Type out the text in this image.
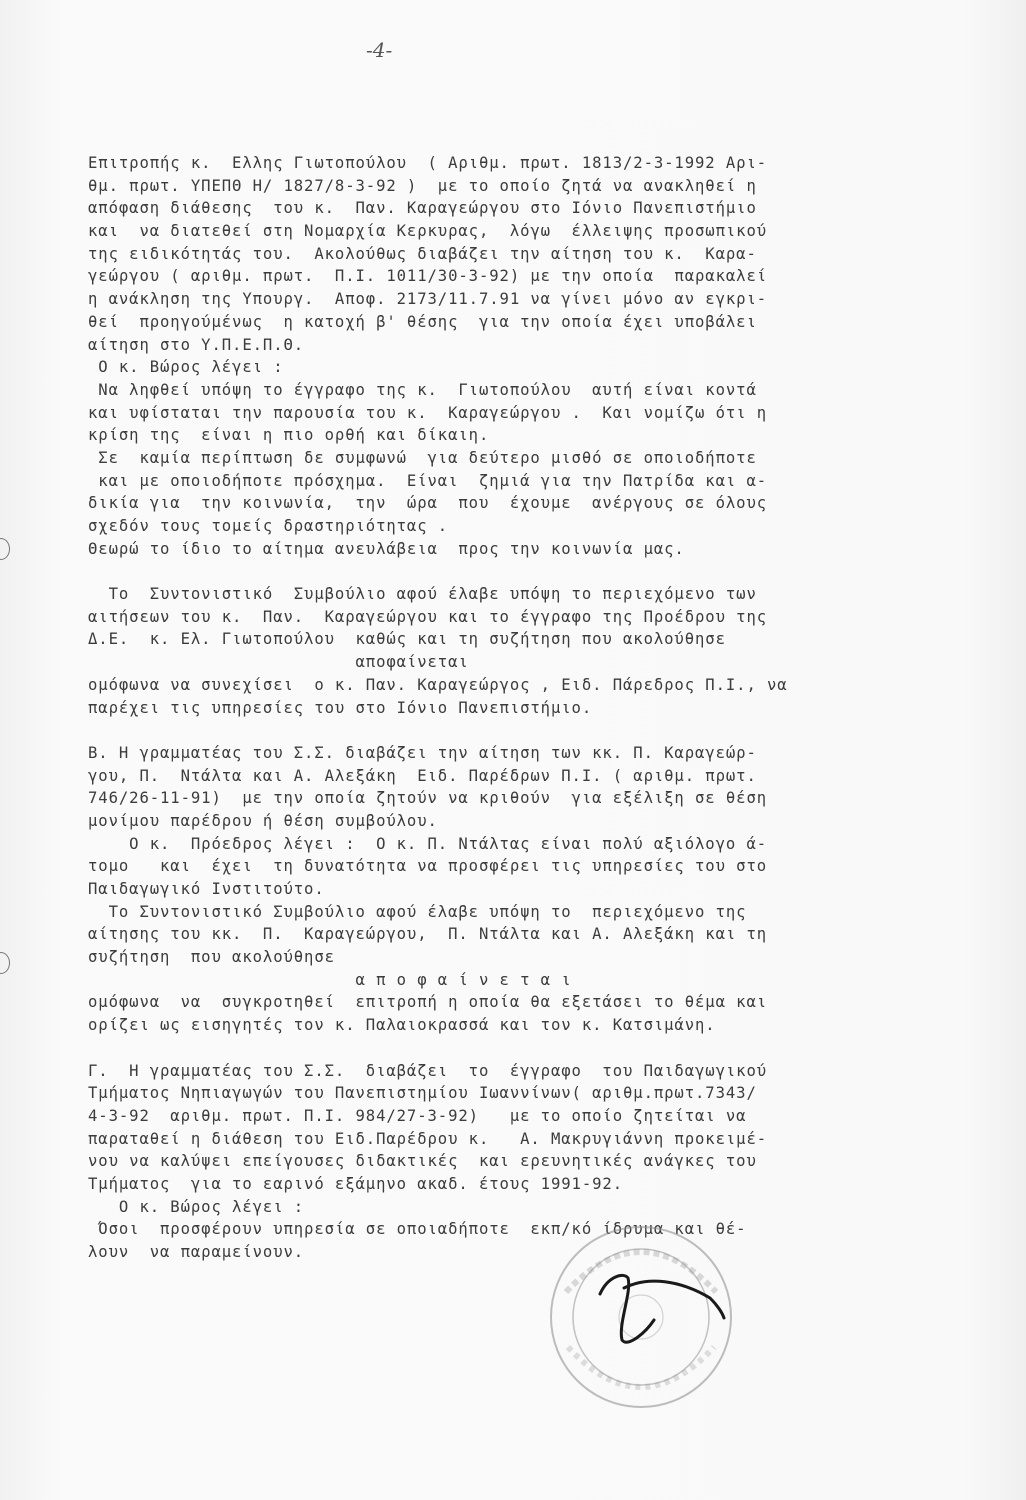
-4-
Επιτροπής κ.  Ελλης Γιωτοπούλου  ( Αριθμ. πρωτ. 1813/2-3-1992 Αρι-
θμ. πρωτ. ΥΠΕΠΘ Η/ 1827/8-3-92 )  με το οποίο ζητά να ανακληθεί η
απόφαση διάθεσης  του κ.  Παν. Καραγεώργου στο Ιόνιο Πανεπιστήμιο
και  να διατεθεί στη Νομαρχία Κερκυρας,  λόγω  έλλειψης προσωπικού
της ειδικότητάς του.  Ακολούθως διαβάζει την αίτηση του κ.  Καρα-
γεώργου ( αριθμ. πρωτ.  Π.Ι. 1011/30-3-92) με την οποία  παρακαλεί
η ανάκληση της Υπουργ.  Αποφ. 2173/11.7.91 να γίνει μόνο αν εγκρι-
θεί  προηγούμένως  η κατοχή β' θέσης  για την οποία έχει υποβάλει
αίτηση στο Υ.Π.Ε.Π.Θ.
Ο κ. Βώρος λέγει :
Να ληφθεί υπόψη το έγγραφο της κ.  Γιωτοπούλου  αυτή είναι κοντά
και υφίσταται την παρουσία του κ.  Καραγεώργου .  Και νομίζω ότι η
κρίση της  είναι η πιο ορθή και δίκαιη.
Σε  καμία περίπτωση δε συμφωνώ  για δεύτερο μισθό σε οποιοδήποτε
και με οποιοδήποτε πρόσχημα.  Είναι  ζημιά για την Πατρίδα και α-
δικία για  την κοινωνία,  την  ώρα  που  έχουμε  ανέργους σε όλους
σχεδόν τους τομείς δραστηριότητας .
Θεωρώ το ίδιο το αίτημα ανευλάβεια  προς την κοινωνία μας.
Το  Συντονιστικό  Συμβούλιο αφού έλαβε υπόψη το περιεχόμενο των
αιτήσεων του κ.  Παν.  Καραγεώργου και το έγγραφο της Προέδρου της
Δ.Ε.  κ. Ελ. Γιωτοπούλου  καθώς και τη συζήτηση που ακολούθησε
αποφαίνεται
ομόφωνα να συνεχίσει  ο κ. Παν. Καραγεώργος , Ειδ. Πάρεδρος Π.Ι., να
παρέχει τις υπηρεσίες του στο Ιόνιο Πανεπιστήμιο.
Β. Η γραμματέας του Σ.Σ. διαβάζει την αίτηση των κκ. Π. Καραγεώρ-
γου, Π.  Ντάλτα και Α. Αλεξάκη  Ειδ. Παρέδρων Π.Ι. ( αριθμ. πρωτ.
746/26-11-91)  με την οποία ζητούν να κριθούν  για εξέλιξη σε θέση
μονίμου παρέδρου ή θέση συμβούλου.
Ο κ.  Πρόεδρος λέγει :  Ο κ. Π. Ντάλτας είναι πολύ αξιόλογο ά-
τομο   και  έχει  τη δυνατότητα να προσφέρει τις υπηρεσίες του στο
Παιδαγωγικό Ινστιτούτο.
Το Συντονιστικό Συμβούλιο αφού έλαβε υπόψη το  περιεχόμενο της
αίτησης του κκ.  Π.  Καραγεώργου,  Π. Ντάλτα και Α. Αλεξάκη και τη
συζήτηση  που ακολούθησε
α π ο φ α ί ν ε τ α ι
ομόφωνα  να  συγκροτηθεί  επιτροπή η οποία θα εξετάσει το θέμα και
ορίζει ως εισηγητές τον κ. Παλαιοκρασσά και τον κ. Κατσιμάνη.
Γ.  Η γραμματέας του Σ.Σ.  διαβάζει  το  έγγραφο  του Παιδαγωγικού
Τμήματος Νηπιαγωγών του Πανεπιστημίου Ιωαννίνων( αριθμ.πρωτ.7343/
4-3-92  αριθμ. πρωτ. Π.Ι. 984/27-3-92)   με το οποίο ζητείται να
παραταθεί η διάθεση του Ειδ.Παρέδρου κ.   Α. Μακρυγιάννη προκειμέ-
νου να καλύψει επείγουσες διδακτικές  και ερευνητικές ανάγκες του
Τμήματος  για το εαρινό εξάμηνο ακαδ. έτους 1991-92.
Ο κ. Βώρος λέγει :
Όσοι  προσφέρουν υπηρεσία σε οποιαδήποτε  εκπ/κό ίδρυμα και θέ-
λουν  να παραμείνουν.
